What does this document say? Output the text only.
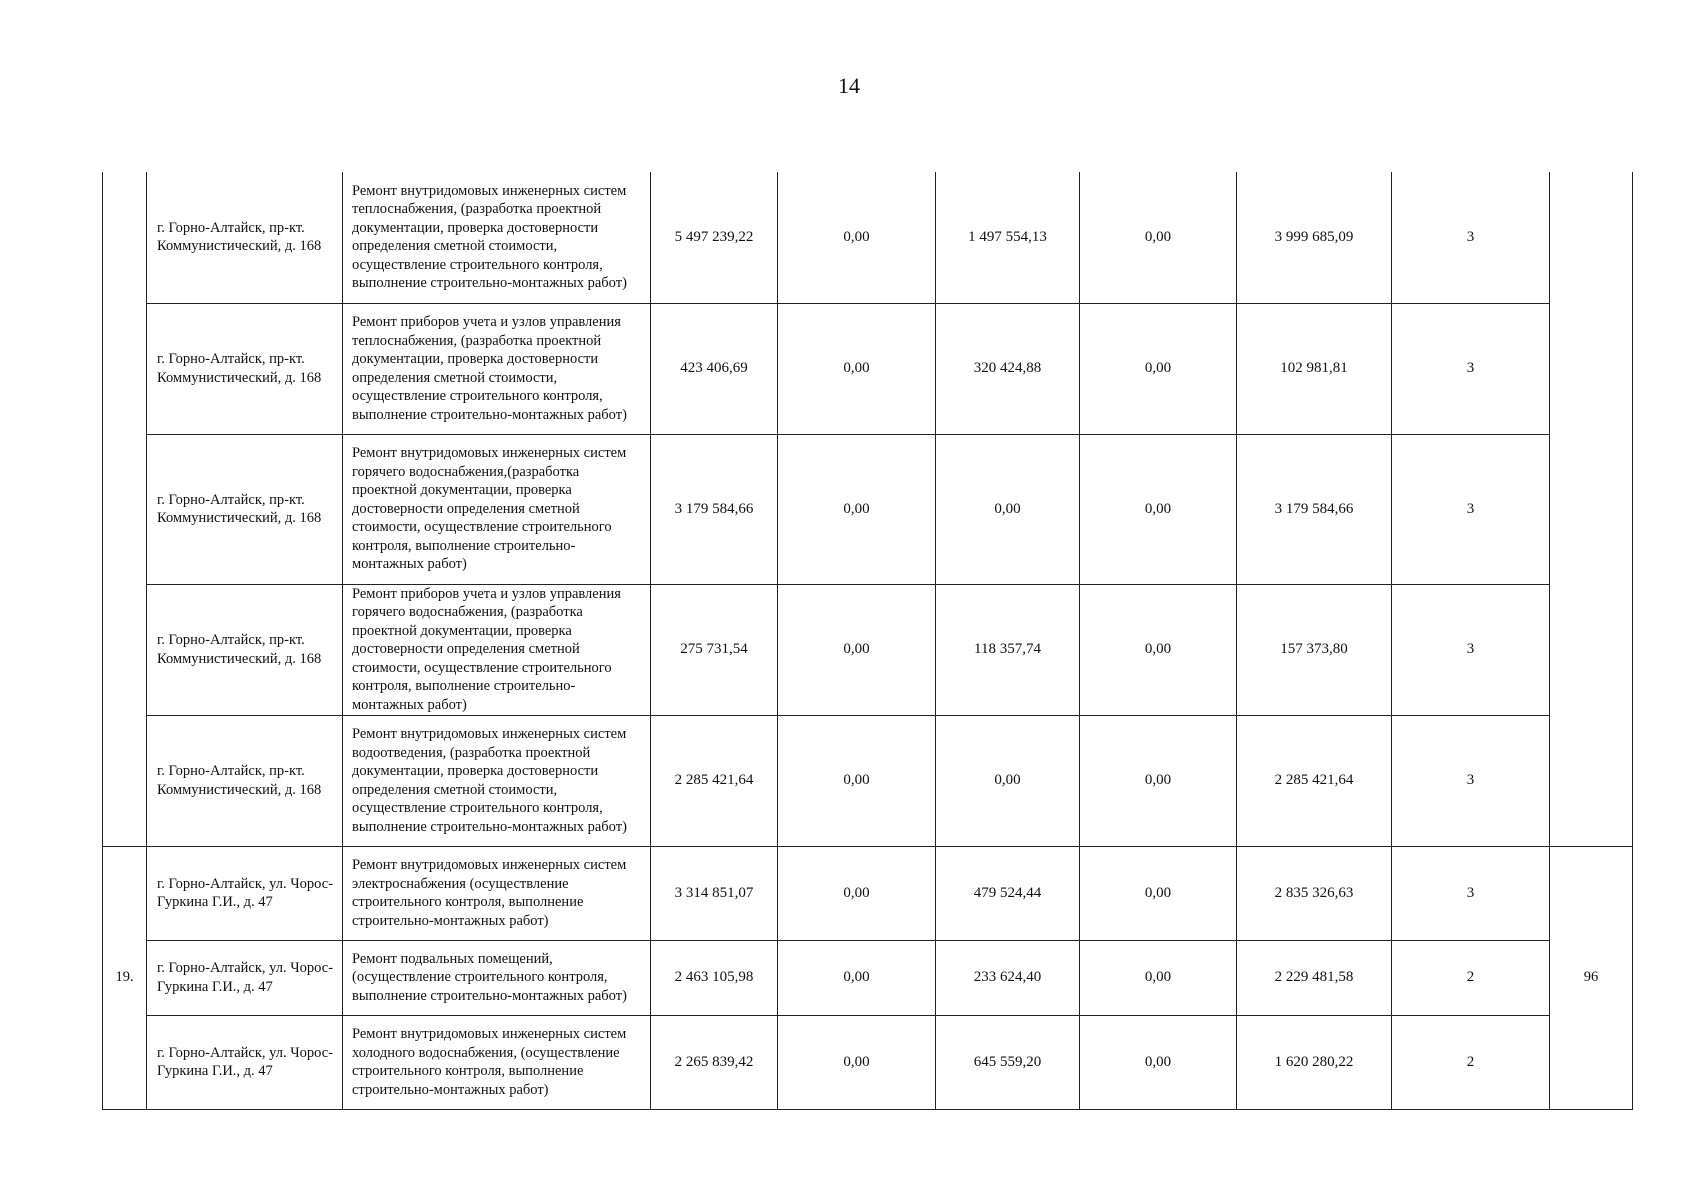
14
	г. Горно-Алтайск, пр-кт. Коммунистический, д. 168	Ремонт внутридомовых инженерных систем теплоснабжения, (разработка проектной документации, проверка достоверности определения сметной стоимости, осуществление строительного контроля, выполнение строительно-монтажных работ)	5 497 239,22	0,00	1 497 554,13	0,00	3 999 685,09	3	
	г. Горно-Алтайск, пр-кт. Коммунистический, д. 168	Ремонт приборов учета и узлов управления теплоснабжения, (разработка проектной документации, проверка достоверности определения сметной стоимости, осуществление строительного контроля, выполнение строительно-монтажных работ)	423 406,69	0,00	320 424,88	0,00	102 981,81	3	
	г. Горно-Алтайск, пр-кт. Коммунистический, д. 168	Ремонт внутридомовых инженерных систем горячего водоснабжения,(разработка проектной документации, проверка достоверности определения сметной стоимости, осуществление строительного контроля, выполнение строительно-монтажных работ)	3 179 584,66	0,00	0,00	0,00	3 179 584,66	3	
	г. Горно-Алтайск, пр-кт. Коммунистический, д. 168	Ремонт приборов учета и узлов управления горячего водоснабжения, (разработка проектной документации, проверка достоверности определения сметной стоимости, осуществление строительного контроля, выполнение строительно-монтажных работ)	275 731,54	0,00	118 357,74	0,00	157 373,80	3	
	г. Горно-Алтайск, пр-кт. Коммунистический, д. 168	Ремонт внутридомовых инженерных систем водоотведения, (разработка проектной документации, проверка достоверности определения сметной стоимости, осуществление строительного контроля, выполнение строительно-монтажных работ)	2 285 421,64	0,00	0,00	0,00	2 285 421,64	3	
19.	г. Горно-Алтайск, ул. Чорос-Гуркина Г.И., д. 47	Ремонт внутридомовых инженерных систем электроснабжения (осуществление строительного контроля, выполнение строительно-монтажных работ)	3 314 851,07	0,00	479 524,44	0,00	2 835 326,63	3	96
	г. Горно-Алтайск, ул. Чорос-Гуркина Г.И., д. 47	Ремонт подвальных помещений,(осуществление строительного контроля, выполнение строительно-монтажных работ)	2 463 105,98	0,00	233 624,40	0,00	2 229 481,58	2	
	г. Горно-Алтайск, ул. Чорос-Гуркина Г.И., д. 47	Ремонт внутридомовых инженерных систем холодного водоснабжения, (осуществление строительного контроля, выполнение строительно-монтажных работ)	2 265 839,42	0,00	645 559,20	0,00	1 620 280,22	2	
